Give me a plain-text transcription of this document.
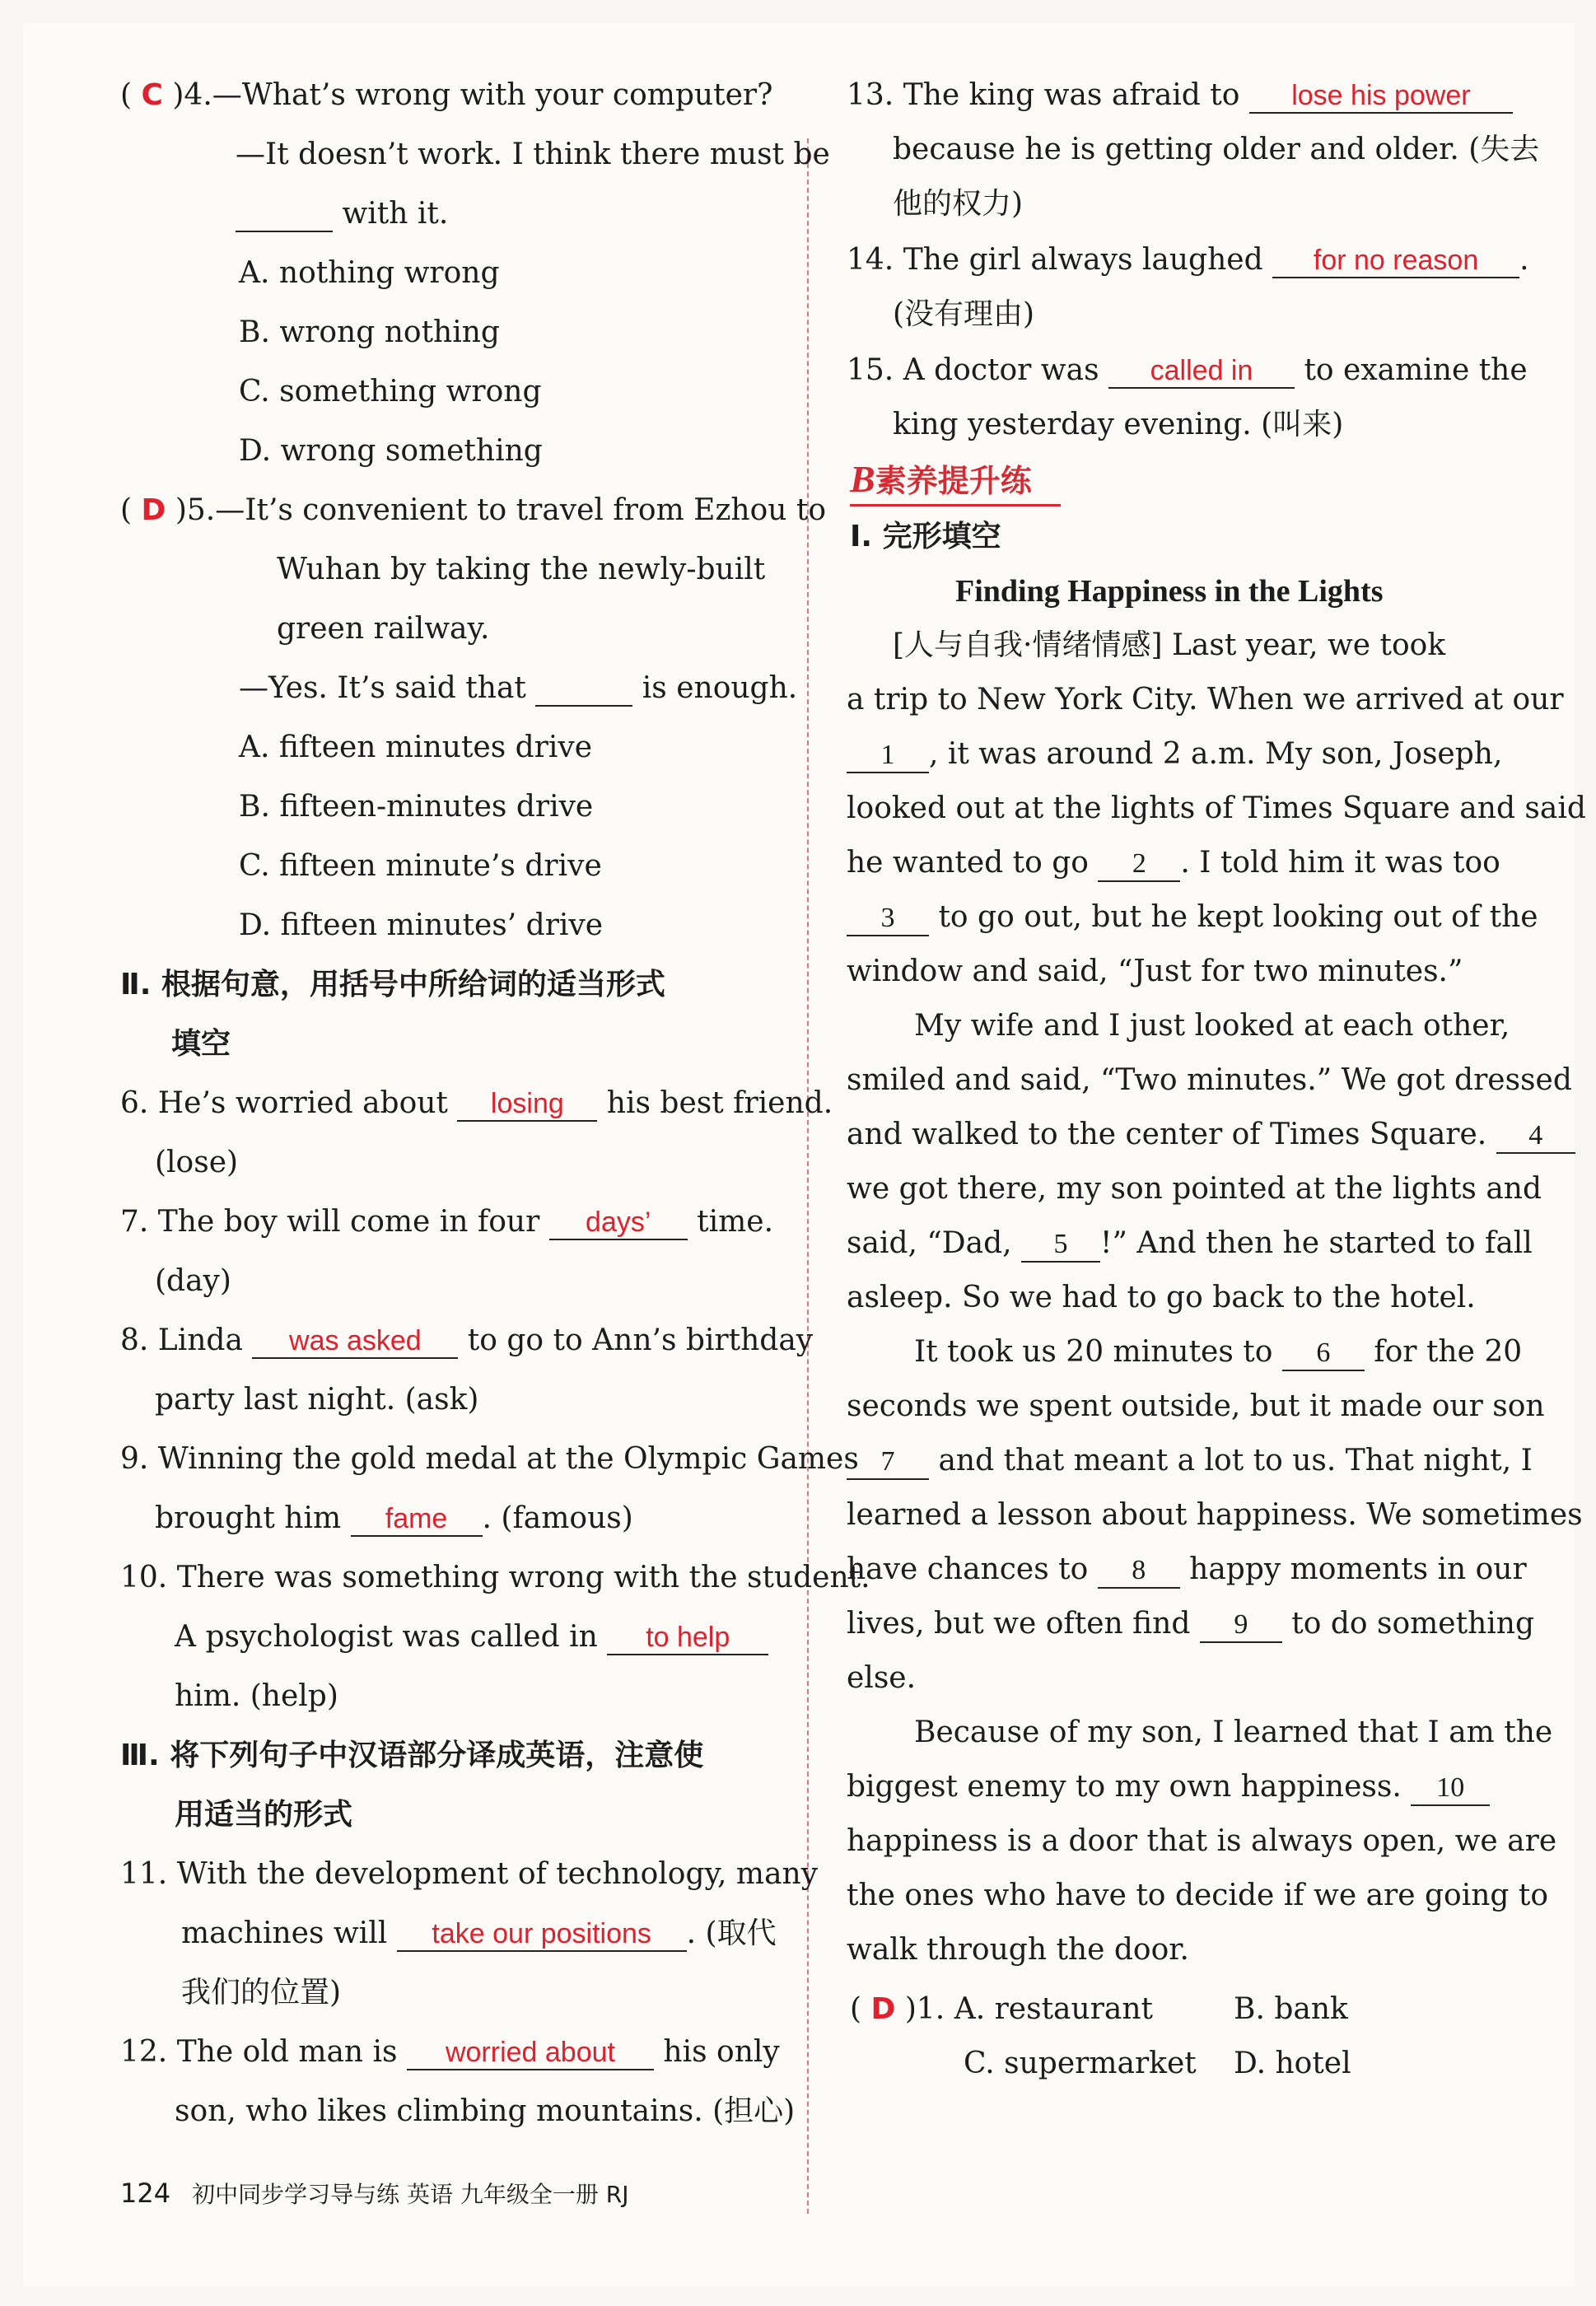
( C )4.—What’s wrong with your computer?
—It doesn’t work. I think there must be
with it.
A. nothing wrong
B. wrong nothing
C. something wrong
D. wrong something
( D )5.—It’s convenient to travel from Ezhou to
Wuhan by taking the newly-built
green railway.
—Yes. It’s said that	is enough.
A. fifteen minutes drive
B. fifteen-minutes drive
C. fifteen minute’s drive
D. fifteen minutes’ drive
Ⅱ. 根据句意，用括号中所给词的适当形式
填空
6. He’s worried about losing his best friend.
(lose)
7. The boy will come in four days’ time.
(day)
8. Linda was asked to go to Ann’s birthday
party last night. (ask)
9. Winning the gold medal at the Olympic Games
brought him fame . (famous)
10. There was something wrong with the student.
A psychologist was called in to help
him. (help)
Ⅲ. 将下列句子中汉语部分译成英语，注意使
用适当的形式
11. With the development of technology, many
machines will take our positions . (取代
我们的位置)
12. The old man is worried about his only
son, who likes climbing mountains. (担心)
13. The king was afraid to lose his power
because he is getting older and older. (失去
他的权力)
14. The girl always laughed for no reason .
(没有理由)
15. A doctor was called in to examine the
king yesterday evening. (叫来)
B素养提升练
Ⅰ. 完形填空
Finding Happiness in the Lights
[人与自我·情绪情感] Last year, we took
a trip to New York City. When we arrived at our
1 , it was around 2 a.m. My son, Joseph,
looked out at the lights of Times Square and said
he wanted to go 2 . I told him it was too
3 to go out, but he kept looking out of the
window and said, “Just for two minutes.”
My wife and I just looked at each other,
smiled and said, “Two minutes.” We got dressed
and walked to the center of Times Square. 4
we got there, my son pointed at the lights and
said, “Dad, 5 !” And then he started to fall
asleep. So we had to go back to the hotel.
It took us 20 minutes to 6 for the 20
seconds we spent outside, but it made our son
7 and that meant a lot to us. That night, I
learned a lesson about happiness. We sometimes
have chances to 8 happy moments in our
lives, but we often find 9 to do something
else.
Because of my son, I learned that I am the
biggest enemy to my own happiness. 10
happiness is a door that is always open, we are
the ones who have to decide if we are going to
walk through the door.
( D )1. A. restaurant	B. bank
C. supermarket D. hotel
124 初中同步学习导与练 英语 九年级全一册 RJ
